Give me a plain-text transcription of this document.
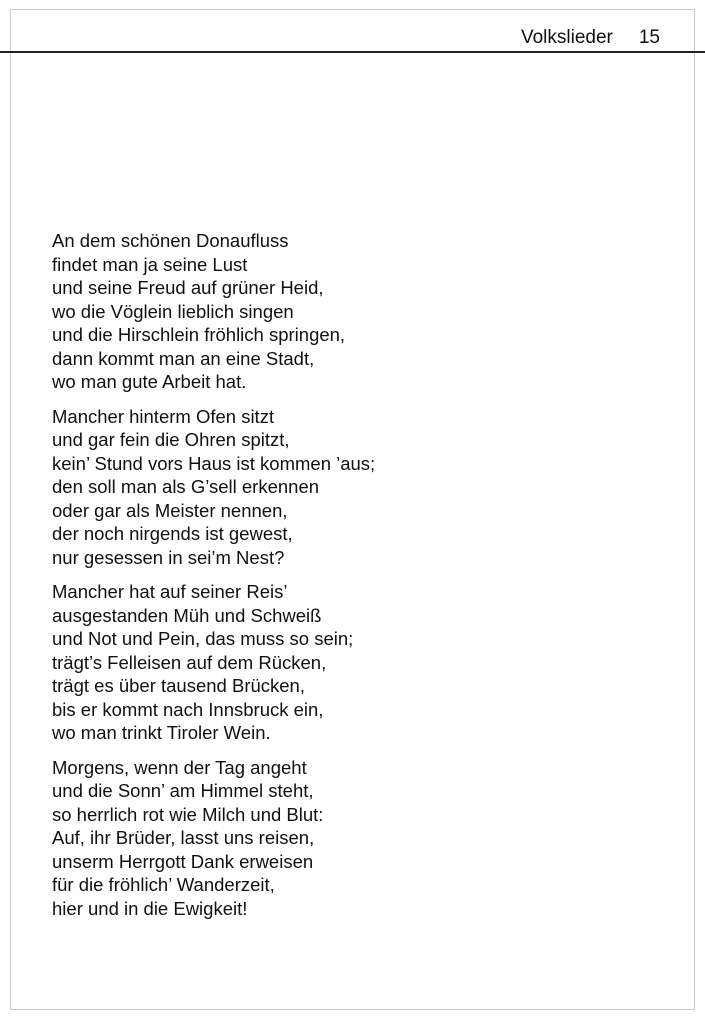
Volkslieder 15
An dem schönen Donaufluss
findet man ja seine Lust
und seine Freud auf grüner Heid,
wo die Vöglein lieblich singen
und die Hirschlein fröhlich springen,
dann kommt man an eine Stadt,
wo man gute Arbeit hat.
Mancher hinterm Ofen sitzt
und gar fein die Ohren spitzt,
kein’ Stund vors Haus ist kommen ’aus;
den soll man als G’sell erkennen
oder gar als Meister nennen,
der noch nirgends ist gewest,
nur gesessen in sei’m Nest?
Mancher hat auf seiner Reis’
ausgestanden Müh und Schweiß
und Not und Pein, das muss so sein;
trägt’s Felleisen auf dem Rücken,
trägt es über tausend Brücken,
bis er kommt nach Innsbruck ein,
wo man trinkt Tiroler Wein.
Morgens, wenn der Tag angeht
und die Sonn’ am Himmel steht,
so herrlich rot wie Milch und Blut:
Auf, ihr Brüder, lasst uns reisen,
unserm Herrgott Dank erweisen
für die fröhlich’ Wanderzeit,
hier und in die Ewigkeit!
